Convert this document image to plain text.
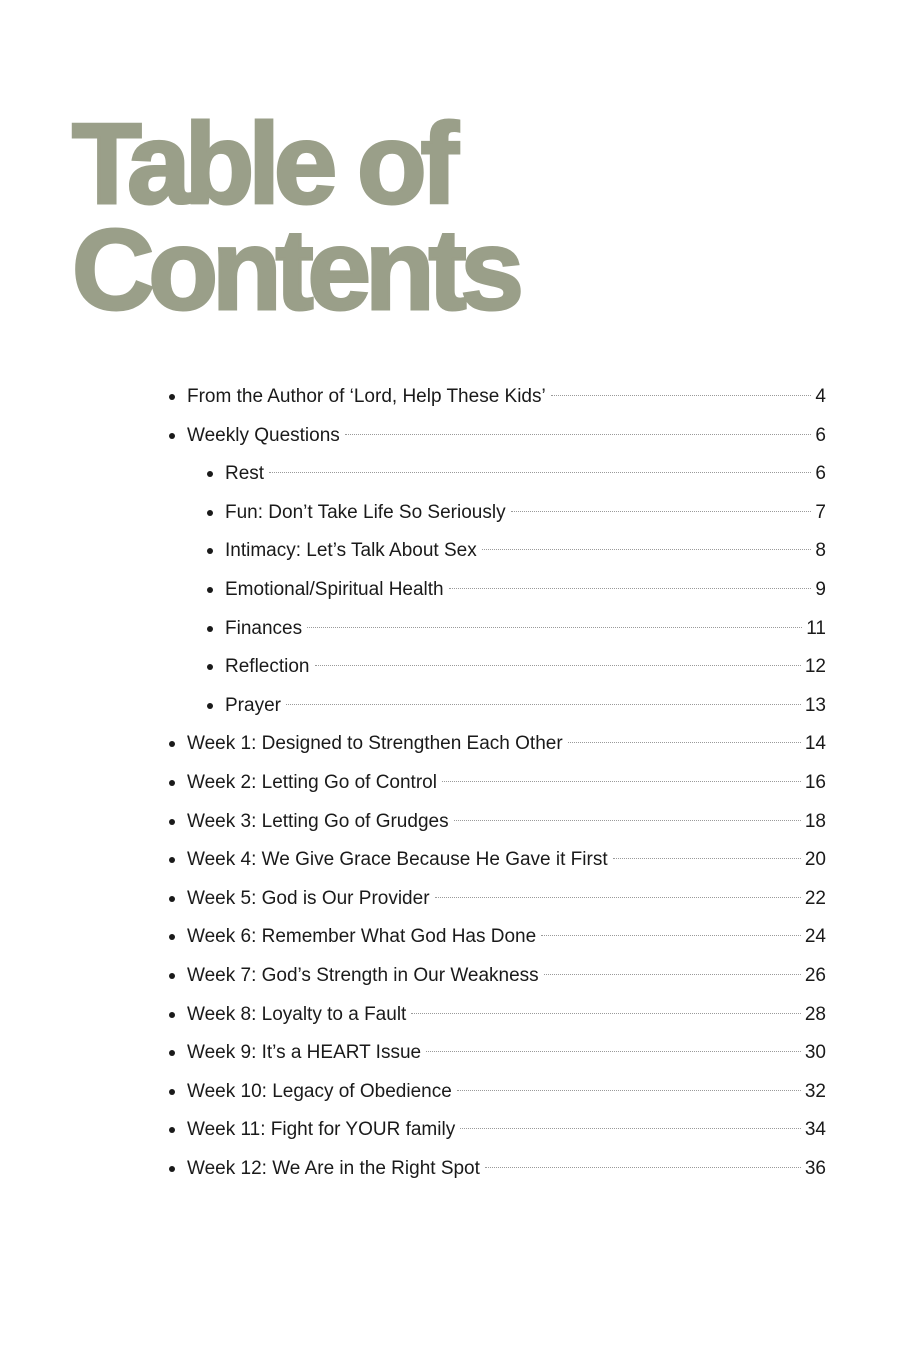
Table of
Contents
From the Author of ‘Lord, Help These Kids’	4
Weekly Questions	6
Rest	6
Fun: Don’t Take Life So Seriously	7
Intimacy: Let’s Talk About Sex	8
Emotional/Spiritual Health	9
Finances	11
Reflection	12
Prayer	13
Week 1: Designed to Strengthen Each Other	14
Week 2: Letting Go of Control	16
Week 3: Letting Go of Grudges	18
Week 4: We Give Grace Because He Gave it First	20
Week 5: God is Our Provider	22
Week 6: Remember What God Has Done	24
Week 7: God’s Strength in Our Weakness	26
Week 8: Loyalty to a Fault	28
Week 9: It’s a HEART Issue	30
Week 10: Legacy of Obedience	32
Week 11: Fight for YOUR family	34
Week 12: We Are in the Right Spot	36
